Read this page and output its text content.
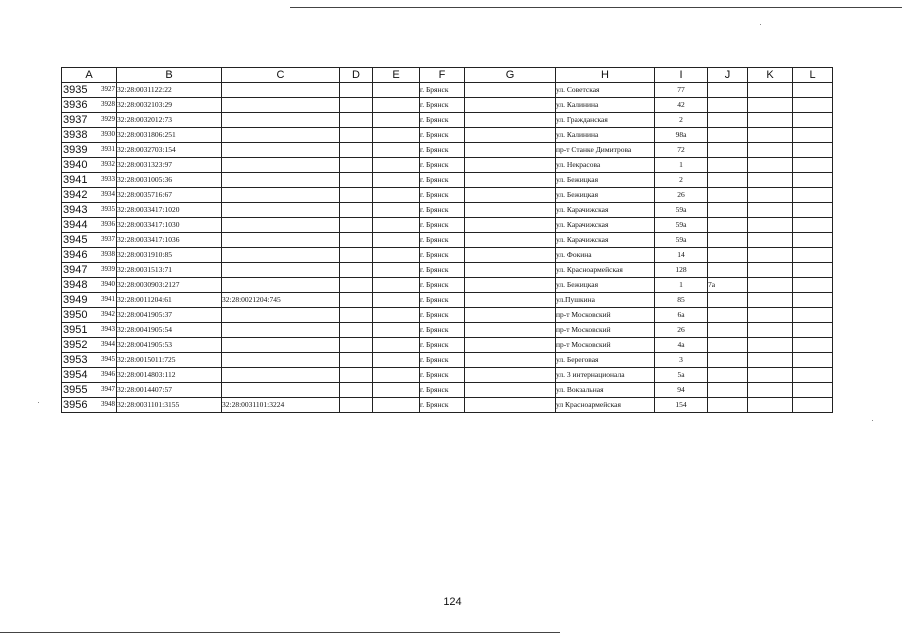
A	B	C	D	E	F	G	H	I	J	K	L
3935 3927	32:28:0031122:22				г. Брянск		ул. Советская	77			
3936 3928	32:28:0032103:29				г. Брянск		ул. Калинина	42			
3937 3929	32:28:0032012:73				г. Брянск		ул. Гражданская	2			
3938 3930	32:28:0031806:251				г. Брянск		ул. Калинина	98а			
3939 3931	32:28:0032703:154				г. Брянск		пр-т Станке Димитрова	72			
3940 3932	32:28:0031323:97				г. Брянск		ул. Некрасова	1			
3941 3933	32:28:0031005:36				г. Брянск		ул. Бежицкая	2			
3942 3934	32:28:0035716:67				г. Брянск		ул. Бежицкая	26			
3943 3935	32:28:0033417:1020				г. Брянск		ул. Карачижская	59а			
3944 3936	32:28:0033417:1030				г. Брянск		ул. Карачижская	59а			
3945 3937	32:28:0033417:1036				г. Брянск		ул. Карачижская	59а			
3946 3938	32:28:0031910:85				г. Брянск		ул. Фокина	14			
3947 3939	32:28:0031513:71				г. Брянск		ул. Красноармейская	128			
3948 3940	32:28:0030903:2127				г. Брянск		ул. Бежицкая	1	7а		
3949 3941	32:28:0011204:61	32:28:0021204:745			г. Брянск		ул.Пушкина	85			
3950 3942	32:28:0041905:37				г. Брянск		пр-т Московский	6а			
3951 3943	32:28:0041905:54				г. Брянск		пр-т Московский	26			
3952 3944	32:28:0041905:53				г. Брянск		пр-т Московский	4а			
3953 3945	32:28:0015011:725				г. Брянск		ул. Береговая	3			
3954 3946	32:28:0014803:112				г. Брянск		ул. 3 интернационала	5а			
3955 3947	32:28:0014407:57				г. Брянск		ул. Вокзальная	94			
3956 3948	32:28:0031101:3155	32:28:0031101:3224			г. Брянск		ул Красноармейская	154			
124
